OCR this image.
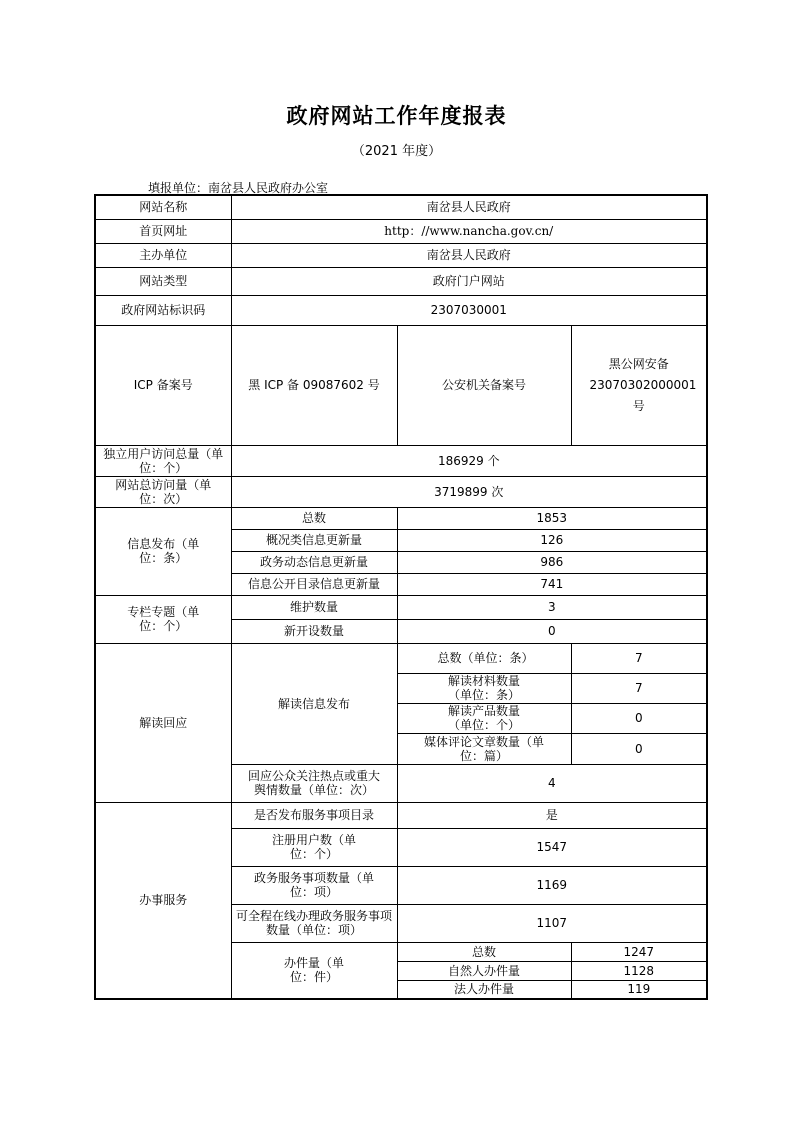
政府网站工作年度报表
（2021 年度）
填报单位：南岔县人民政府办公室
网站名称	南岔县人民政府		
首页网址	http：//www.nancha.gov.cn/		
主办单位	南岔县人民政府		
网站类型	政府门户网站		
政府网站标识码	2307030001		
ICP 备案号	黑 ICP 备 09087602 号	公安机关备案号	黑公网安备23070302000001号
独立用户访问总量（单位：个）	186929 个		
网站总访问量（单位：次）	3719899 次		
信息发布（单位：条）	总数	1853	
	概况类信息更新量	126	
	政务动态信息更新量	986	
	信息公开目录信息更新量	741	
专栏专题（单位：个）	维护数量	3	
	新开设数量	0	
解读回应	解读信息发布	总数（单位：条）	7
		解读材料数量（单位：条）	7
		解读产品数量（单位：个）	0
		媒体评论文章数量（单位：篇）	0
	回应公众关注热点或重大舆情数量（单位：次）	4	
办事服务	是否发布服务事项目录	是	
	注册用户数（单位：个）	1547	
	政务服务事项数量（单位：项）	1169	
	可全程在线办理政务服务事项数量（单位：项）	1107	
	办件量（单位：件）	总数	1247
		自然人办件量	1128
		法人办件量	119
